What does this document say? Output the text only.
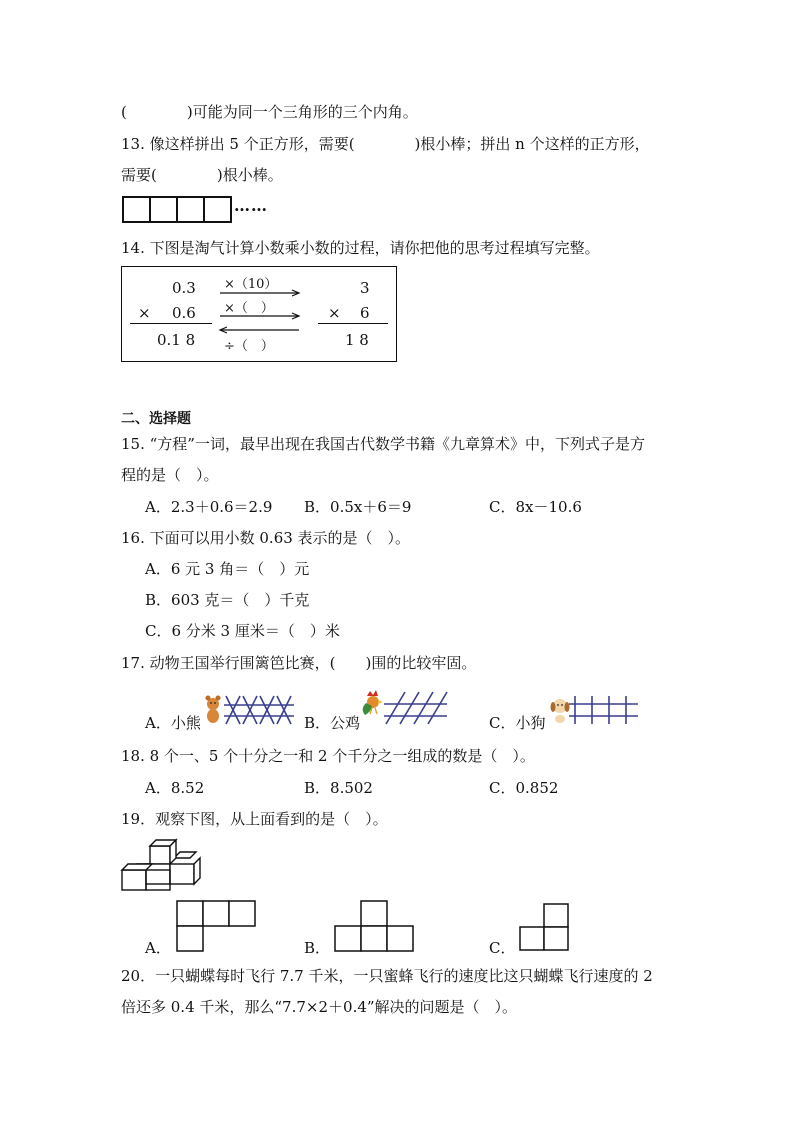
(　　　　)可能为同一个三角形的三个内角。
13. 像这样拼出 5 个正方形，需要(　　　　)根小棒；拼出 n 个这样的正方形，
需要(　　　　)根小棒。
……
14. 下图是淘气计算小数乘小数的过程，请你把他的思考过程填写完整。
0.3
× 0.6
0.1 8
×（10）
×（　）
÷（　）
3
× 6
1 8
二、选择题
15. “方程”一词，最早出现在我国古代数学书籍《九章算术》中，下列式子是方
程的是（　）。
A．2.3＋0.6＝2.9 B．0.5x＋6＝9	C．8x－10.6
16. 下面可以用小数 0.63 表示的是（　）。
A．6 元 3 角＝（　）元
B．603 克＝（　）千克
C．6 分米 3 厘米＝（　）米
17. 动物王国举行围篱笆比赛，(　　)围的比较牢固。
A．小熊	B．公鸡	C．小狗
18. 8 个一、5 个十分之一和 2 个千分之一组成的数是（　）。
A．8.52	B．8.502	C．0.852
19．观察下图，从上面看到的是（　）。
A．	B．	C．
20．一只蝴蝶每时飞行 7.7 千米，一只蜜蜂飞行的速度比这只蝴蝶飞行速度的 2
倍还多 0.4 千米，那么“7.7×2＋0.4”解决的问题是（　）。
